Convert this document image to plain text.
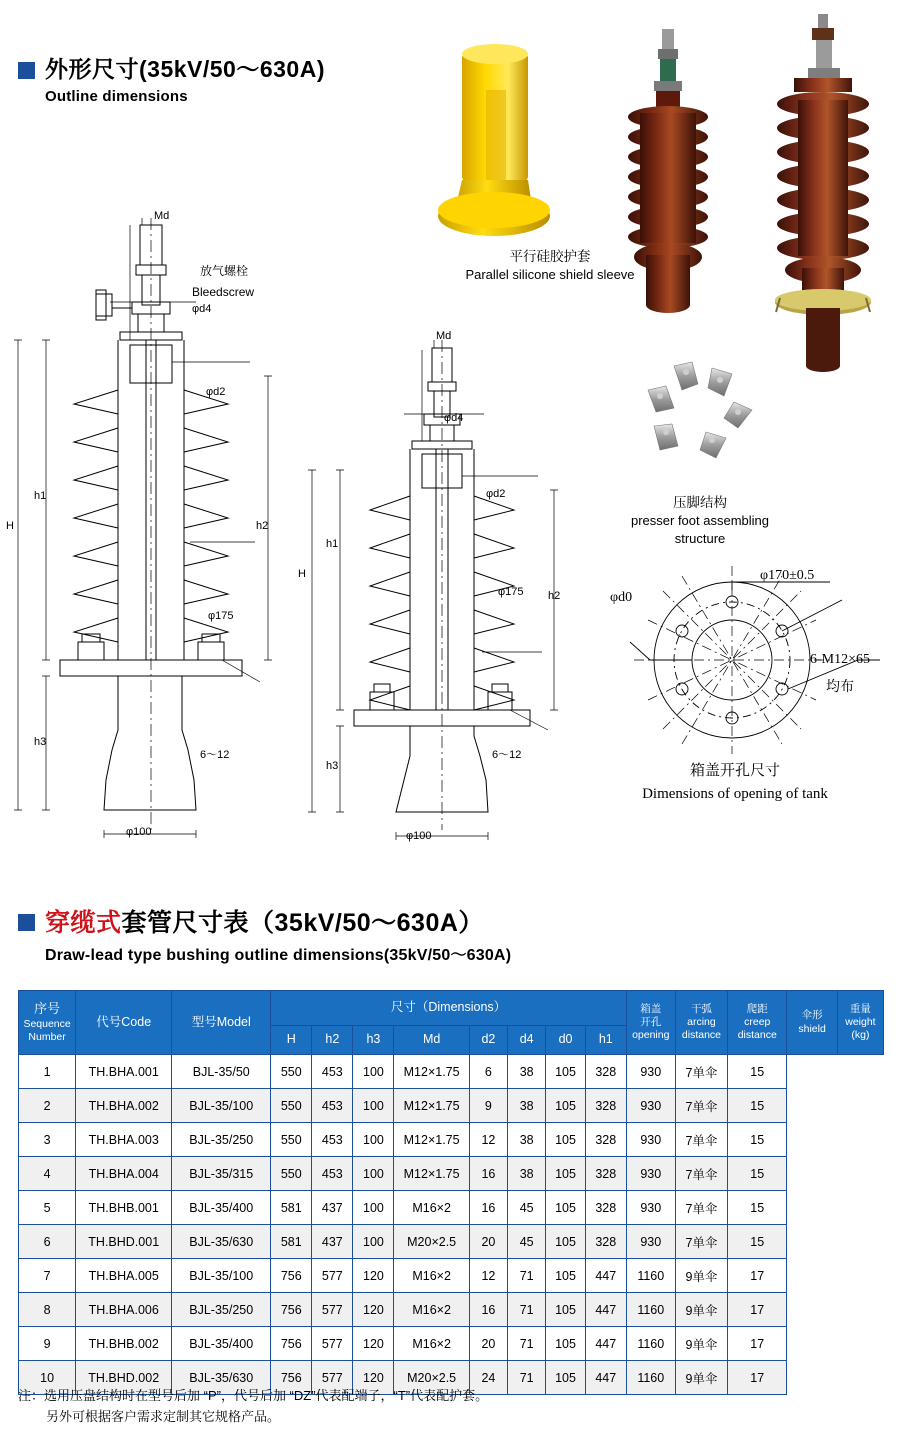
外形尺寸(35kV/50～630A)
Outline dimensions
Md
放气螺栓
Bleedscrew
φd4
φd2
φ175
φ100
H
h1
h2
h3
6～12
Md
φd4
φd2
φ175
φ100
H
h1
h2
h3
6～12
平行硅胶护套
Parallel silicone shield sleeve
压脚结构
presser foot assembling
structure
φd0
φ170±0.5
6-M12×65
均布
箱盖开孔尺寸
Dimensions of opening of tank
穿缆式套管尺寸表（35kV/50～630A）
Draw-lead type bushing outline dimensions(35kV/50～630A)
序号
Sequence
Number
	代号Code	型号Model	尺寸（Dimensions）	箱盖
开孔
opening

干弧
arcing
distance

爬距
creep
distance

伞形
shield

重量
weight
(kg)

			H	h2	h3	Md	d2	d4	d0	h1					
1	TH.BHA.001	BJL-35/50	550	453	100	M12×1.75	6	38	105	328	930	7单伞	15		
2	TH.BHA.002	BJL-35/100	550	453	100	M12×1.75	9	38	105	328	930	7单伞	15		
3	TH.BHA.003	BJL-35/250	550	453	100	M12×1.75	12	38	105	328	930	7单伞	15		
4	TH.BHA.004	BJL-35/315	550	453	100	M12×1.75	16	38	105	328	930	7单伞	15		
5	TH.BHB.001	BJL-35/400	581	437	100	M16×2	16	45	105	328	930	7单伞	15		
6	TH.BHD.001	BJL-35/630	581	437	100	M20×2.5	20	45	105	328	930	7单伞	15		
7	TH.BHA.005	BJL-35/100	756	577	120	M16×2	12	71	105	447	1160	9单伞	17		
8	TH.BHA.006	BJL-35/250	756	577	120	M16×2	16	71	105	447	1160	9单伞	17		
9	TH.BHB.002	BJL-35/400	756	577	120	M16×2	20	71	105	447	1160	9单伞	17		
10	TH.BHD.002	BJL-35/630	756	577	120	M20×2.5	24	71	105	447	1160	9单伞	17		
注：选用压盘结构时在型号后加 “P”，代号后加 “DZ”代表配端子，“T”代表配护套。
另外可根据客户需求定制其它规格产品。
